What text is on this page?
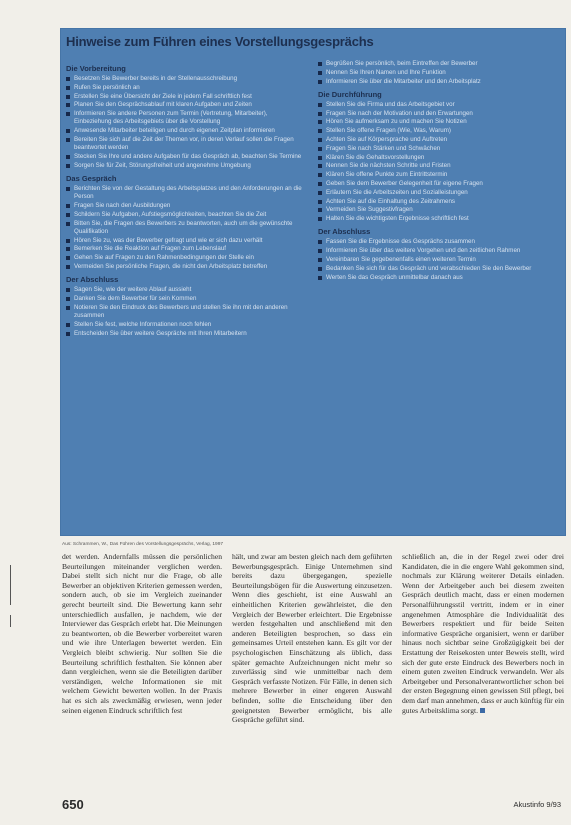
Hinweise zum Führen eines Vorstellungsgesprächs
Die Vorbereitung
Besetzen Sie Bewerber bereits in der Stellenausschreibung
Rufen Sie persönlich an
Erstellen Sie eine Übersicht der Ziele in jedem Fall schriftlich fest
Planen Sie den Gesprächsablauf mit klaren Aufgaben und Zeiten
Informieren Sie andere Personen zum Termin (Vertretung, Mitarbeiter), Einbeziehung des Arbeitsgebiets über die Vorstellung
Anwesende Mitarbeiter beteiligen und durch eigenen Zeitplan informieren
Bereiten Sie sich auf die Zeit der Themen vor, in deren Verlauf sollen die Fragen beantwortet werden
Stecken Sie Ihre und andere Aufgaben für das Gespräch ab, beachten Sie Termine
Sorgen Sie für Zeit, Störungsfreiheit und angenehme Umgebung
Das Gespräch
Berichten Sie von der Gestaltung des Arbeitsplatzes und den Anforderungen an die Person
Fragen Sie nach den Ausbildungen
Schildern Sie Aufgaben, Aufstiegsmöglichkeiten, beachten Sie die Zeit
Bitten Sie, die Fragen des Bewerbers zu beantworten, auch um die gewünschte Qualifikation
Hören Sie zu, was der Bewerber gefragt und wie er sich dazu verhält
Bemerken Sie die Reaktion auf Fragen zum Lebenslauf
Gehen Sie auf Fragen zu den Rahmenbedingungen der Stelle ein
Vermeiden Sie persönliche Fragen, die nicht den Arbeitsplatz betreffen
Der Abschluss
Sagen Sie, wie der weitere Ablauf aussieht
Danken Sie dem Bewerber für sein Kommen
Notieren Sie den Eindruck des Bewerbers und stellen Sie ihn mit den anderen zusammen
Stellen Sie fest, welche Informationen noch fehlen
Entscheiden Sie über weitere Gespräche mit Ihren Mitarbeitern
Begrüßen Sie persönlich, beim Eintreffen der Bewerber
Nennen Sie Ihren Namen und Ihre Funktion
Informieren Sie über die Mitarbeiter und den Arbeitsplatz
Die Durchführung
Stellen Sie die Firma und das Arbeitsgebiet vor
Fragen Sie nach der Motivation und den Erwartungen
Hören Sie aufmerksam zu und machen Sie Notizen
Stellen Sie offene Fragen (Wie, Was, Warum)
Achten Sie auf Körpersprache und Auftreten
Fragen Sie nach Stärken und Schwächen
Klären Sie die Gehaltsvorstellungen
Nennen Sie die nächsten Schritte und Fristen
Klären Sie offene Punkte zum Eintrittstermin
Geben Sie dem Bewerber Gelegenheit für eigene Fragen
Erläutern Sie die Arbeitszeiten und Sozialleistungen
Achten Sie auf die Einhaltung des Zeitrahmens
Vermeiden Sie Suggestivfragen
Halten Sie die wichtigsten Ergebnisse schriftlich fest
Der Abschluss
Fassen Sie die Ergebnisse des Gesprächs zusammen
Informieren Sie über das weitere Vorgehen und den zeitlichen Rahmen
Vereinbaren Sie gegebenenfalls einen weiteren Termin
Bedanken Sie sich für das Gespräch und verabschieden Sie den Bewerber
Werten Sie das Gespräch unmittelbar danach aus
Aus: Schrammen, W., Das Führen des Vorstellungsgesprächs, Verlag, 1997

det werden. Andernfalls müssen die persönlichen Beurteilungen miteinander verglichen werden. Dabei stellt sich nicht nur die Frage, ob alle Bewerber an objektiven Kriterien gemessen werden, sondern auch, ob sie im Vergleich zueinander gerecht beurteilt sind. Die Bewertung kann sehr unterschiedlich ausfallen, je nachdem, wie der Interviewer das Gespräch erlebt hat. Die Meinungen zu beantworten, ob die Bewerber vorbereitet waren und wie ihre Unterlagen bewertet werden. Ein Vergleich bleibt schwierig. Nur sollten Sie die Beurteilung schriftlich festhalten. Sie können aber dann vergleichen, wenn sie die Beteiligten darüber verständigen, welche Informationen sie mit welchem Gewicht bewerten wollen. In der Praxis hat es sich als zweckmäßig erwiesen, wenn jeder seinen eigenen Eindruck schriftlich fest

hält, und zwar am besten gleich nach dem geführten Bewerbungsgespräch. Einige Unternehmen sind bereits dazu übergegangen, spezielle Beurteilungsbögen für die Auswertung einzusetzen. Wenn dies geschieht, ist eine Auswahl an einheitlichen Kriterien gewährleistet, die den Vergleich der Bewerber erleichtert. Die Ergebnisse werden festgehalten und anschließend mit den anderen Beteiligten besprochen, so dass ein gemeinsames Urteil entstehen kann. Es gilt vor der psychologischen Einschätzung als üblich, dass später gemachte Aufzeichnungen nicht mehr so zuverlässig sind wie unmittelbar nach dem Gespräch verfasste Notizen. Für Fälle, in denen sich mehrere Bewerber in einer engeren Auswahl befinden, sollte die Entscheidung über den geeignetsten Bewerber ermöglicht, bis alle Gespräche geführt sind.

schließlich an, die in der Regel zwei oder drei Kandidaten, die in die engere Wahl gekommen sind, nochmals zur Klärung weiterer Details einladen. Wenn der Arbeitgeber auch bei diesem zweiten Gespräch deutlich macht, dass er einen modernen Personalführungsstil vertritt, indem er in einer angenehmen Atmosphäre die Individualität des Bewerbers respektiert und für beide Seiten informative Gespräche organisiert, wenn er darüber hinaus noch sichtbar seine Großzügigkeit bei der Erstattung der Reisekosten unter Beweis stellt, wird sich der gute erste Eindruck des Bewerbers noch in einem guten zweiten Eindruck verwandeln. Wer als Arbeitgeber und Personalverantwortlicher schon bei der ersten Begegnung einen gewissen Stil pflegt, bei dem darf man annehmen, dass er auch künftig für ein gutes Arbeitsklima sorgt.

650	Akustinfo 9/93
